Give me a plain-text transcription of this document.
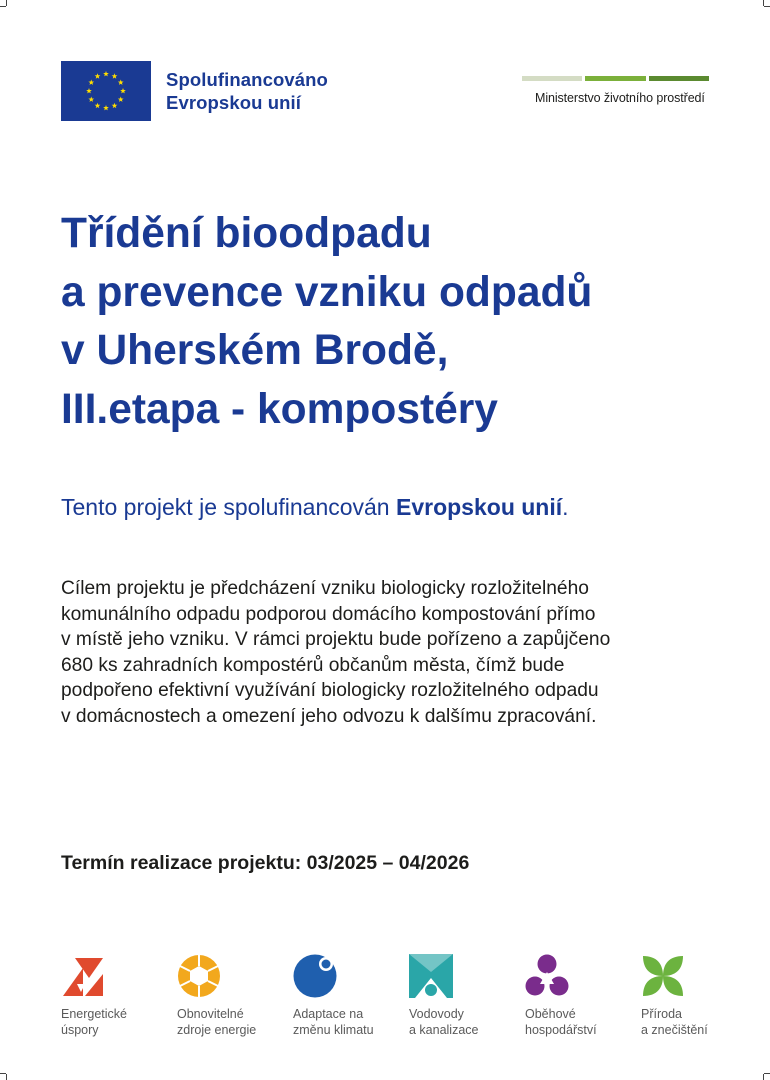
Spolufinancováno
Evropskou unií	Ministerstvo životního prostředí
Třídění bioodpadu
a prevence vzniku odpadů
v Uherském Brodě,
III.etapa - kompostéry

Tento projekt je spolufinancován Evropskou unií.

Cílem projektu je předcházení vzniku biologicky rozložitelného
komunálního odpadu podporou domácího kompostování přímo
v místě jeho vzniku. V rámci projektu bude pořízeno a zapůjčeno
680 ks zahradních kompostérů občanům města, čímž bude
podpořeno efektivní využívání biologicky rozložitelného odpadu
v domácnostech a omezení jeho odvozu k dalšímu zpracování.

Termín realizace projektu: 03/2025 – 04/2026

Energetické
úspory
Obnovitelné
zdroje energie
Adaptace na
změnu klimatu
Vodovody
a kanalizace
Oběhové
hospodářství
Příroda
a znečištění
